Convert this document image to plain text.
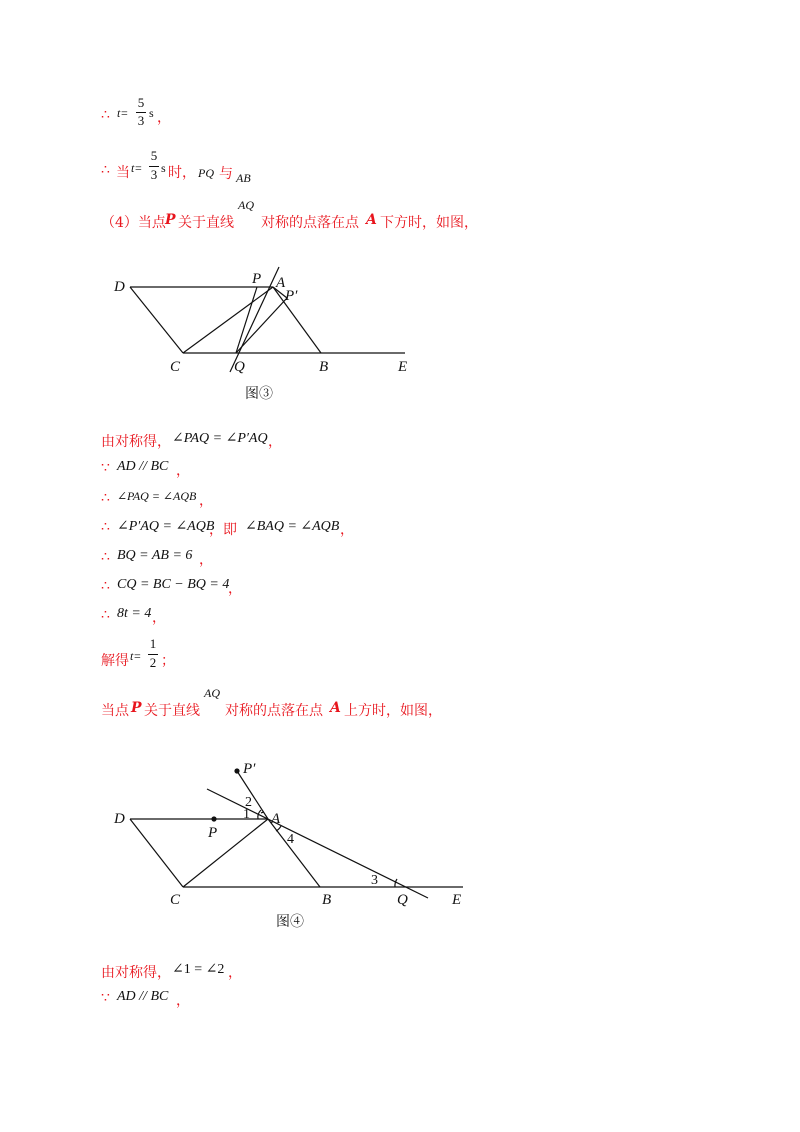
∴ t =
5
3 s ，
∴ 当 t =
5
3 s 时， PQ 与 AB
（4）当点 P 关于直线
AQ
对称的点落在点 A 下方时，如图，
D	P A
P′
C	Q	B	E
图③
由对称得， ∠PAQ = ∠P′AQ ，
∵ AD // BC ，
∴ ∠PAQ = ∠AQB ，
∴ ∠P′AQ = ∠AQB
，即 ∠BAQ = ∠AQB ，
∴ BQ = AB = 6 ，
∴ CQ = BC − BQ = 4
，
∴ 8t = 4 ，
解得 t =
1
2 ；
当点 P 关于直线
AQ
对称的点落在点 A 上方时，如图，
P′
D
P
A
C	B	Q	E
1
2
3
4
图④
由对称得， ∠1 = ∠2 ，
∵ AD // BC ，
